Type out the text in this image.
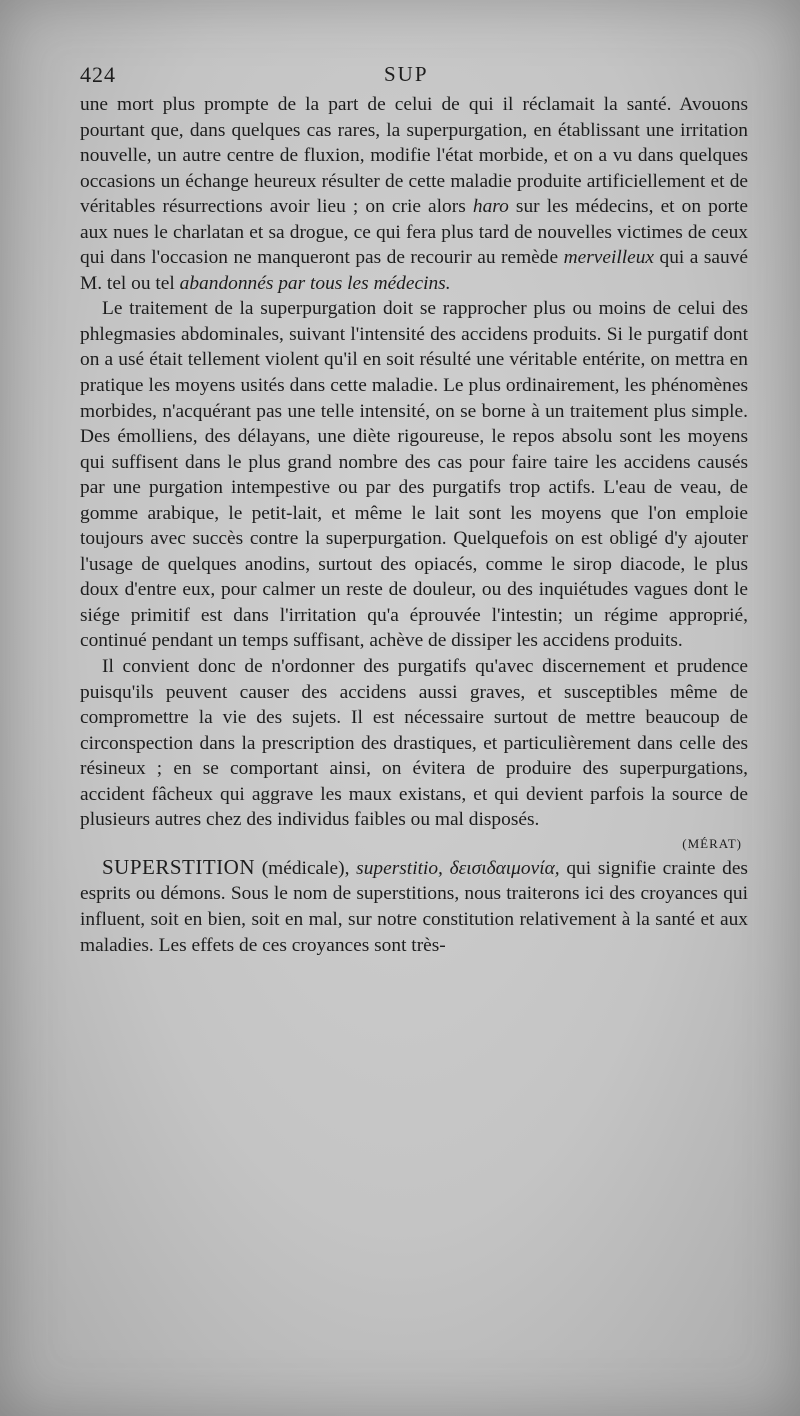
424	SUP

une mort plus prompte de la part de celui de qui il réclamait la santé. Avouons pourtant que, dans quelques cas rares, la superpurgation, en établissant une irritation nouvelle, un autre centre de fluxion, modifie l'état morbide, et on a vu dans quelques occasions un échange heureux résulter de cette maladie produite artificiellement et de véritables résurrections avoir lieu ; on crie alors haro sur les médecins, et on porte aux nues le charlatan et sa drogue, ce qui fera plus tard de nouvelles victimes de ceux qui dans l'occasion ne manqueront pas de recourir au remède merveilleux qui a sauvé M. tel ou tel abandonnés par tous les médecins.

Le traitement de la superpurgation doit se rapprocher plus ou moins de celui des phlegmasies abdominales, suivant l'intensité des accidens produits. Si le purgatif dont on a usé était tellement violent qu'il en soit résulté une véritable entérite, on mettra en pratique les moyens usités dans cette maladie. Le plus ordinairement, les phénomènes morbides, n'acquérant pas une telle intensité, on se borne à un traitement plus simple. Des émolliens, des délayans, une diète rigoureuse, le repos absolu sont les moyens qui suffisent dans le plus grand nombre des cas pour faire taire les accidens causés par une purgation intempestive ou par des purgatifs trop actifs. L'eau de veau, de gomme arabique, le petit-lait, et même le lait sont les moyens que l'on emploie toujours avec succès contre la superpurgation. Quelquefois on est obligé d'y ajouter l'usage de quelques anodins, surtout des opiacés, comme le sirop diacode, le plus doux d'entre eux, pour calmer un reste de douleur, ou des inquiétudes vagues dont le siége primitif est dans l'irritation qu'a éprouvée l'intestin; un régime approprié, continué pendant un temps suffisant, achève de dissiper les accidens produits.

Il convient donc de n'ordonner des purgatifs qu'avec discernement et prudence puisqu'ils peuvent causer des accidens aussi graves, et susceptibles même de compromettre la vie des sujets. Il est nécessaire surtout de mettre beaucoup de circonspection dans la prescription des drastiques, et particulièrement dans celle des résineux ; en se comportant ainsi, on évitera de produire des superpurgations, accident fâcheux qui aggrave les maux existans, et qui devient parfois la source de plusieurs autres chez des individus faibles ou mal disposés.

(MÉRAT)

SUPERSTITION (médicale), superstitio, δεισιδαιμονία, qui signifie crainte des esprits ou démons. Sous le nom de superstitions, nous traiterons ici des croyances qui influent, soit en bien, soit en mal, sur notre constitution relativement à la santé et aux maladies. Les effets de ces croyances sont très-
